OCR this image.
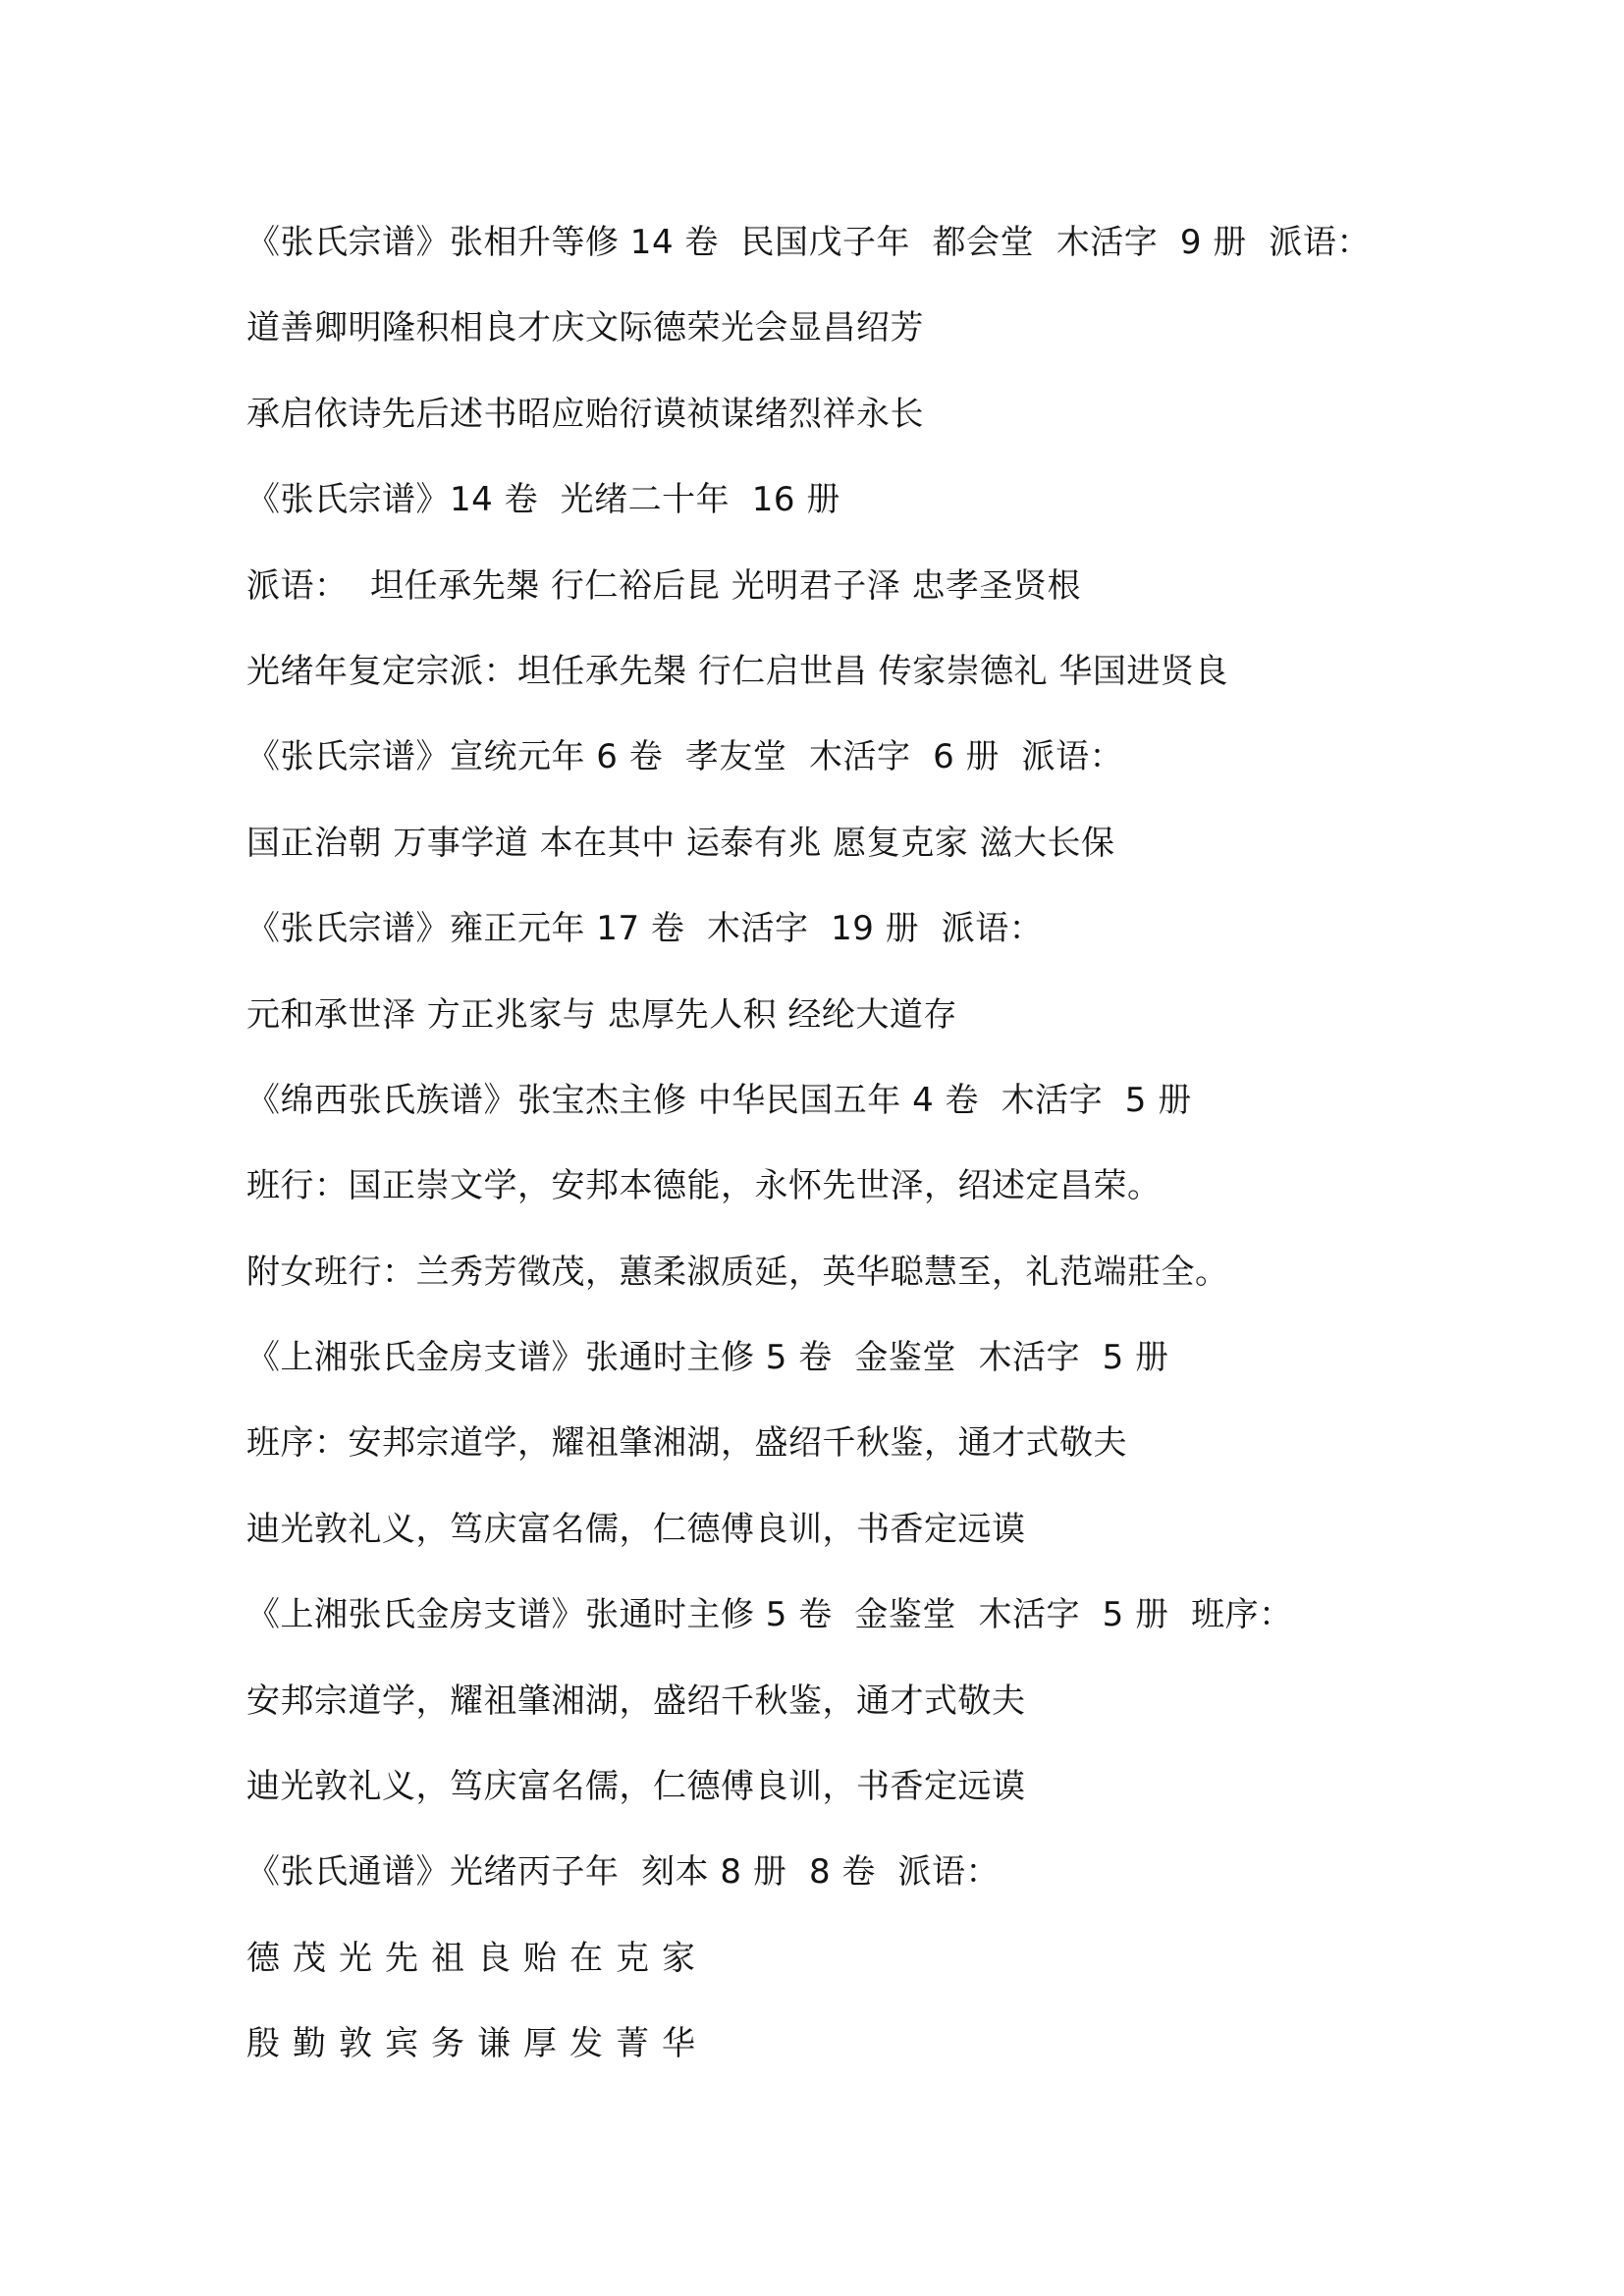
《张氏宗谱》张相升等修 14 卷  民国戊子年  都会堂  木活字  9 册  派语：

道善卿明隆积相良才庆文际德荣光会显昌绍芳

承启依诗先后述书昭应贻衍谟祯谋绪烈祥永长

《张氏宗谱》14 卷  光绪二十年  16 册

派语：  坦任承先槼 行仁裕后昆 光明君子泽 忠孝圣贤根

光绪年复定宗派：坦任承先槼 行仁启世昌 传家崇德礼 华国进贤良

《张氏宗谱》宣统元年 6 卷  孝友堂  木活字  6 册  派语：

国正治朝 万事学道 本在其中 运泰有兆 愿复克家 滋大长保

《张氏宗谱》雍正元年 17 卷  木活字  19 册  派语：

元和承世泽 方正兆家与 忠厚先人积 经纶大道存

《绵西张氏族谱》张宝杰主修 中华民国五年 4 卷  木活字  5 册

班行：国正崇文学，安邦本德能，永怀先世泽，绍述定昌荣。

附女班行：兰秀芳徵茂，蕙柔淑质延，英华聪慧至，礼范端莊全。

《上湘张氏金房支谱》张通时主修 5 卷  金鉴堂  木活字  5 册

班序：安邦宗道学，耀祖肇湘湖，盛绍千秋鉴，通才式敬夫

迪光敦礼义，笃庆富名儒，仁德傅良训，书香定远谟

《上湘张氏金房支谱》张通时主修 5 卷  金鉴堂  木活字  5 册  班序：

安邦宗道学，耀祖肇湘湖，盛绍千秋鉴，通才式敬夫

迪光敦礼义，笃庆富名儒，仁德傅良训，书香定远谟

《张氏通谱》光绪丙子年  刻本 8 册  8 卷  派语：

德茂光先祖良贻在克家

殷勤敦宾务谦厚发菁华
